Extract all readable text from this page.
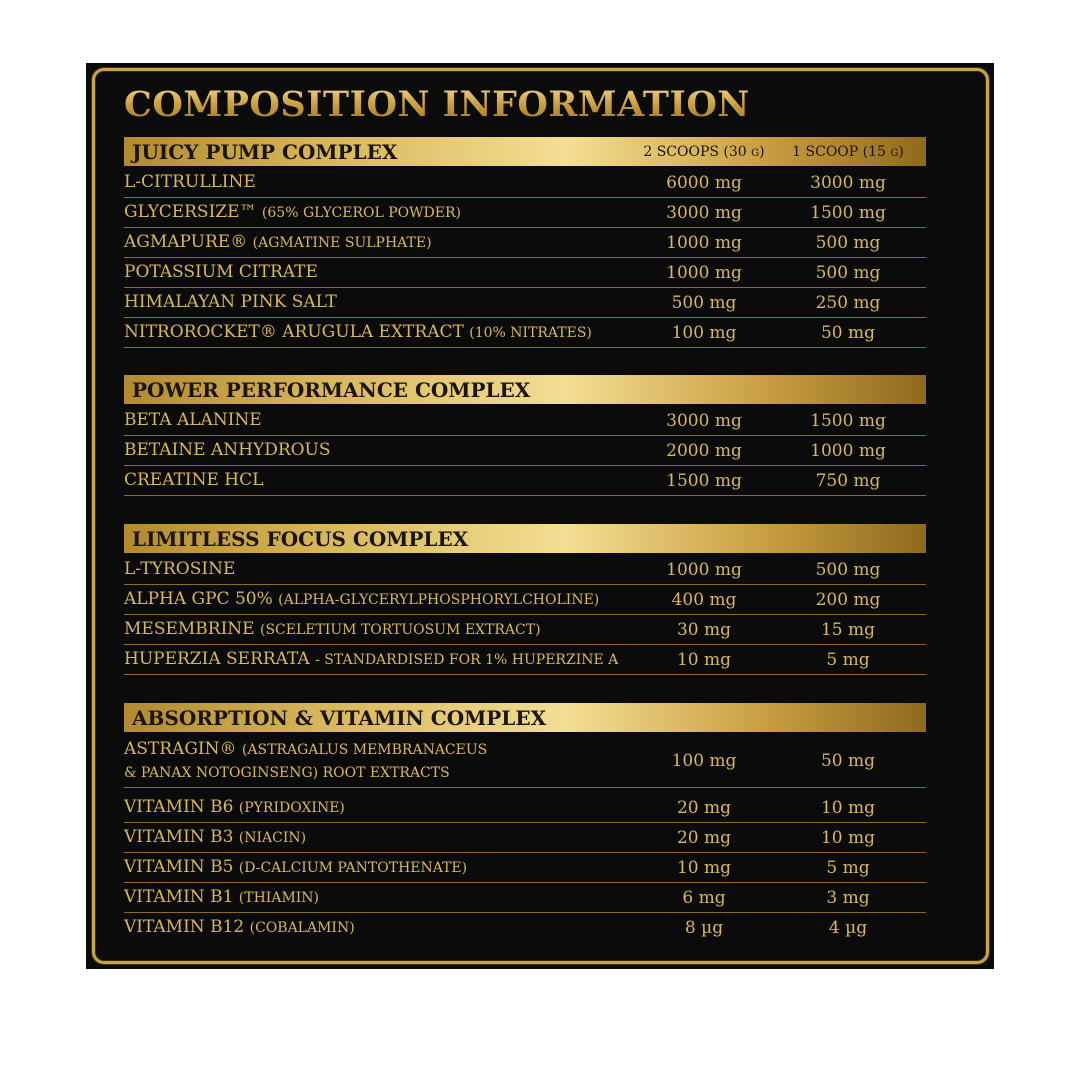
COMPOSITION INFORMATION
JUICY PUMP COMPLEX	2 SCOOPS (30 g)	1 SCOOP (15 g)
L-CITRULLINE	6000 mg	3000 mg
GLYCERSIZE™ (65% GLYCEROL POWDER)	3000 mg	1500 mg
AGMAPURE® (AGMATINE SULPHATE)	1000 mg	500 mg
POTASSIUM CITRATE	1000 mg	500 mg
HIMALAYAN PINK SALT	500 mg	250 mg
NITROROCKET® ARUGULA EXTRACT (10% NITRATES)	100 mg	50 mg
POWER PERFORMANCE COMPLEX
BETA ALANINE	3000 mg	1500 mg
BETAINE ANHYDROUS	2000 mg	1000 mg
CREATINE HCL	1500 mg	750 mg
LIMITLESS FOCUS COMPLEX
L-TYROSINE	1000 mg	500 mg
ALPHA GPC 50% (ALPHA-GLYCERYLPHOSPHORYLCHOLINE)	400 mg	200 mg
MESEMBRINE (SCELETIUM TORTUOSUM EXTRACT)	30 mg	15 mg
HUPERZIA SERRATA - STANDARDISED FOR 1% HUPERZINE A	10 mg	5 mg
ABSORPTION & VITAMIN COMPLEX
ASTRAGIN® (ASTRAGALUS MEMBRANACEUS
& PANAX NOTOGINSENG) ROOT EXTRACTS
100 mg	50 mg
VITAMIN B6 (PYRIDOXINE)	20 mg	10 mg
VITAMIN B3 (NIACIN)	20 mg	10 mg
VITAMIN B5 (D-CALCIUM PANTOTHENATE)	10 mg	5 mg
VITAMIN B1 (THIAMIN)	6 mg	3 mg
VITAMIN B12 (COBALAMIN)	8 µg	4 µg
